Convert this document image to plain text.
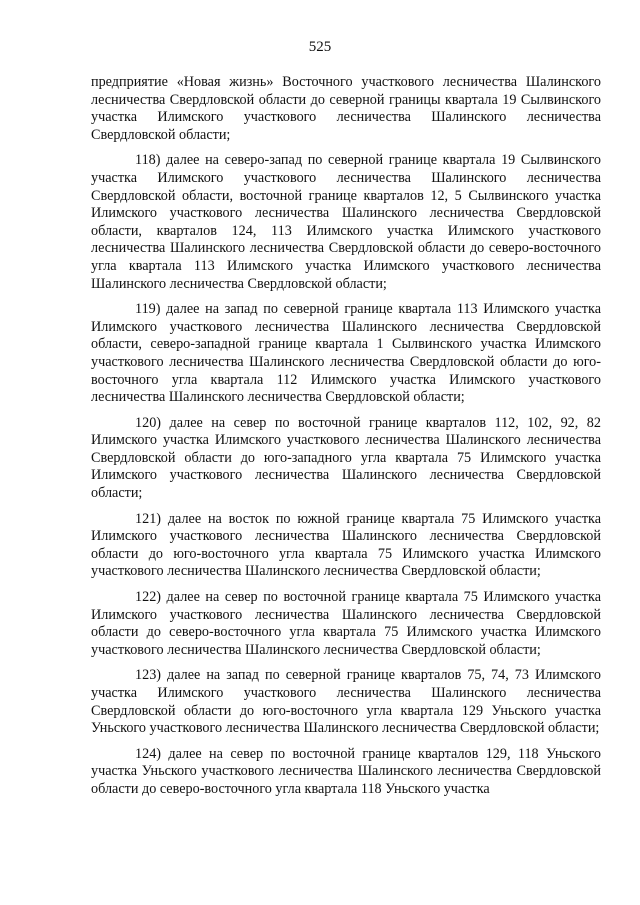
525

предприятие «Новая жизнь» Восточного участкового лесничества Шалинского лесничества Свердловской области до северной границы квартала 19 Сылвинского участка Илимского участкового лесничества Шалинского лесничества Свердловской области;

118) далее на северо-запад по северной границе квартала 19 Сылвинского участка Илимского участкового лесничества Шалинского лесничества Свердловской области, восточной границе кварталов 12, 5 Сылвинского участка Илимского участкового лесничества Шалинского лесничества Свердловской области, кварталов 124, 113 Илимского участка Илимского участкового лесничества Шалинского лесничества Свердловской области до северо-восточного угла квартала 113 Илимского участка Илимского участкового лесничества Шалинского лесничества Свердловской области;

119) далее на запад по северной границе квартала 113 Илимского участка Илимского участкового лесничества Шалинского лесничества Свердловской области, северо-западной границе квартала 1 Сылвинского участка Илимского участкового лесничества Шалинского лесничества Свердловской области до юго-восточного угла квартала 112 Илимского участка Илимского участкового лесничества Шалинского лесничества Свердловской области;

120) далее на север по восточной границе кварталов 112, 102, 92, 82 Илимского участка Илимского участкового лесничества Шалинского лесничества Свердловской области до юго-западного угла квартала 75 Илимского участка Илимского участкового лесничества Шалинского лесничества Свердловской области;

121) далее на восток по южной границе квартала 75 Илимского участка Илимского участкового лесничества Шалинского лесничества Свердловской области до юго-восточного угла квартала 75 Илимского участка Илимского участкового лесничества Шалинского лесничества Свердловской области;

122) далее на север по восточной границе квартала 75 Илимского участка Илимского участкового лесничества Шалинского лесничества Свердловской области до северо-восточного угла квартала 75 Илимского участка Илимского участкового лесничества Шалинского лесничества Свердловской области;

123) далее на запад по северной границе кварталов 75, 74, 73 Илимского участка Илимского участкового лесничества Шалинского лесничества Свердловской области до юго-восточного угла квартала 129 Уньского участка Уньского участкового лесничества Шалинского лесничества Свердловской области;

124) далее на север по восточной границе кварталов 129, 118 Уньского участка Уньского участкового лесничества Шалинского лесничества Свердловской области до северо-восточного угла квартала 118 Уньского участка
